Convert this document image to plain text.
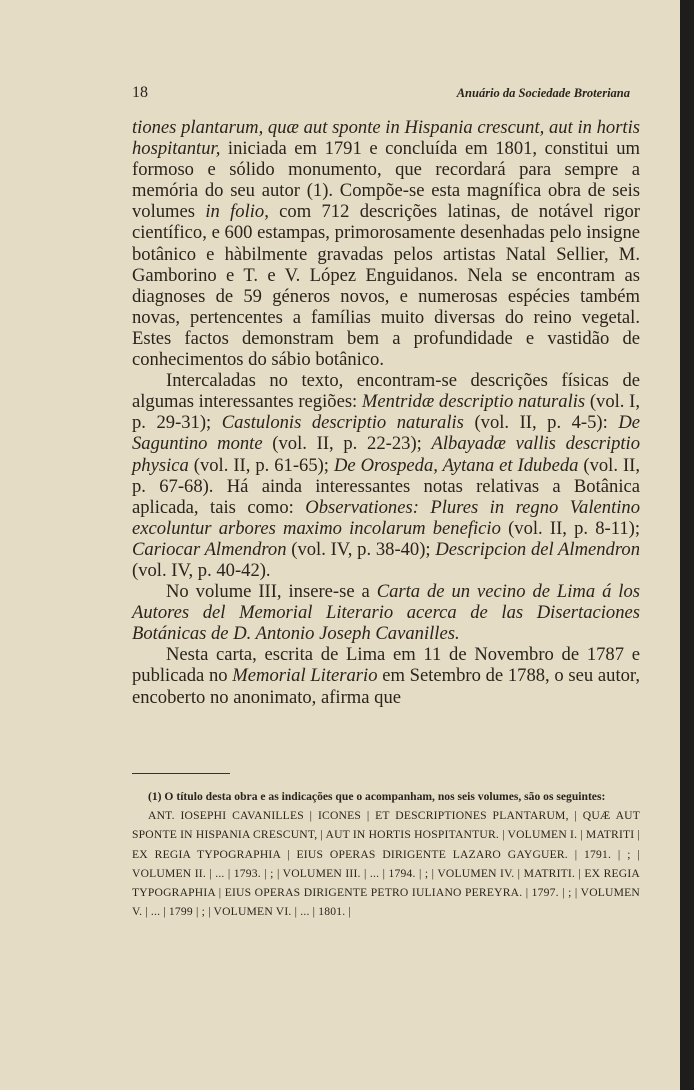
18	Anuário da Sociedade Broteriana

tiones plantarum, quæ aut sponte in Hispania crescunt, aut in hortis hospitantur, iniciada em 1791 e concluída em 1801, constitui um formoso e sólido monumento, que recordará para sempre a memória do seu autor (1). Compõe-se esta magnífica obra de seis volumes in folio, com 712 descrições latinas, de notável rigor científico, e 600 estampas, primorosamente desenhadas pelo insigne botânico e hàbilmente gravadas pelos artistas Natal Sellier, M. Gamborino e T. e V. López Enguidanos. Nela se encontram as diagnoses de 59 géneros novos, e numerosas espécies também novas, pertencentes a famílias muito diversas do reino vegetal. Estes factos demonstram bem a profundidade e vastidão de conhecimentos do sábio botânico.

Intercaladas no texto, encontram-se descrições físicas de algumas interessantes regiões: Mentridæ descriptio naturalis (vol. I, p. 29-31); Castulonis descriptio naturalis (vol. II, p. 4-5): De Saguntino monte (vol. II, p. 22-23); Albayadæ vallis descriptio physica (vol. II, p. 61-65); De Orospeda, Aytana et Idubeda (vol. II, p. 67-68). Há ainda interessantes notas relativas a Botânica aplicada, tais como: Observationes: Plures in regno Valentino excoluntur arbores maximo incolarum beneficio (vol. II, p. 8-11); Cariocar Almendron (vol. IV, p. 38-40); Descripcion del Almendron (vol. IV, p. 40-42).

No volume III, insere-se a Carta de un vecino de Lima á los Autores del Memorial Literario acerca de las Disertaciones Botánicas de D. Antonio Joseph Cavanilles.

Nesta carta, escrita de Lima em 11 de Novembro de 1787 e publicada no Memorial Literario em Setembro de 1788, o seu autor, encoberto no anonimato, afirma que

(1) O título desta obra e as indicações que o acompanham, nos seis volumes, são os seguintes:

ANT. IOSEPHI CAVANILLES | ICONES | ET DESCRIPTIONES PLANTARUM, | QUÆ AUT SPONTE IN HISPANIA CRESCUNT, | AUT IN HORTIS HOSPITANTUR. | VOLUMEN I. | MATRITI | EX REGIA TYPOGRAPHIA | EIUS OPERAS DIRIGENTE LAZARO GAYGUER. | 1791. | ; | VOLUMEN II. | ... | 1793. | ; | VOLUMEN III. | ... | 1794. | ; | VOLUMEN IV. | MATRITI. | EX REGIA TYPOGRAPHIA | EIUS OPERAS DIRIGENTE PETRO IULIANO PEREYRA. | 1797. | ; | VOLUMEN V. | ... | 1799 | ; | VOLUMEN VI. | ... | 1801. |
